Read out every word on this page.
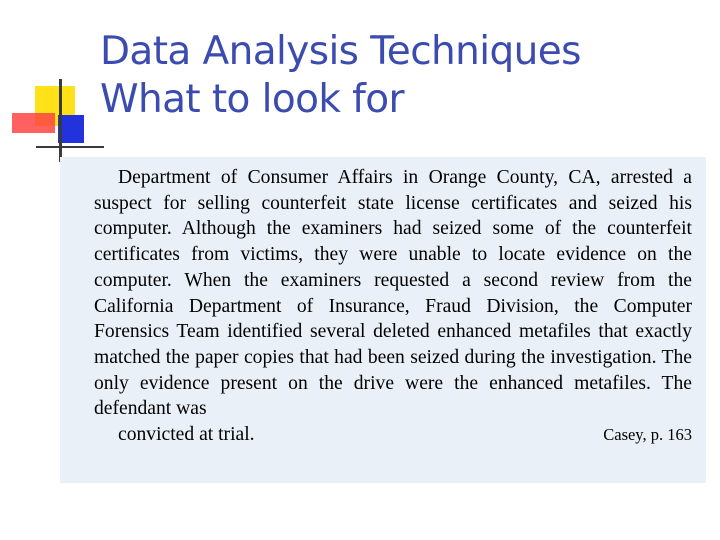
Data Analysis Techniques
What to look for
Department of Consumer Affairs in Orange County, CA, arrested a suspect for selling counterfeit state license certificates and seized his computer. Although the examiners had seized some of the counterfeit certificates from victims, they were unable to locate evidence on the computer. When the examiners requested a second review from the California Department of Insurance, Fraud Division, the Computer Forensics Team identified several deleted enhanced metafiles that exactly matched the paper copies that had been seized during the investigation. The only evidence present on the drive were the enhanced metafiles. The defendant was
convicted at trial.	Casey, p. 163
